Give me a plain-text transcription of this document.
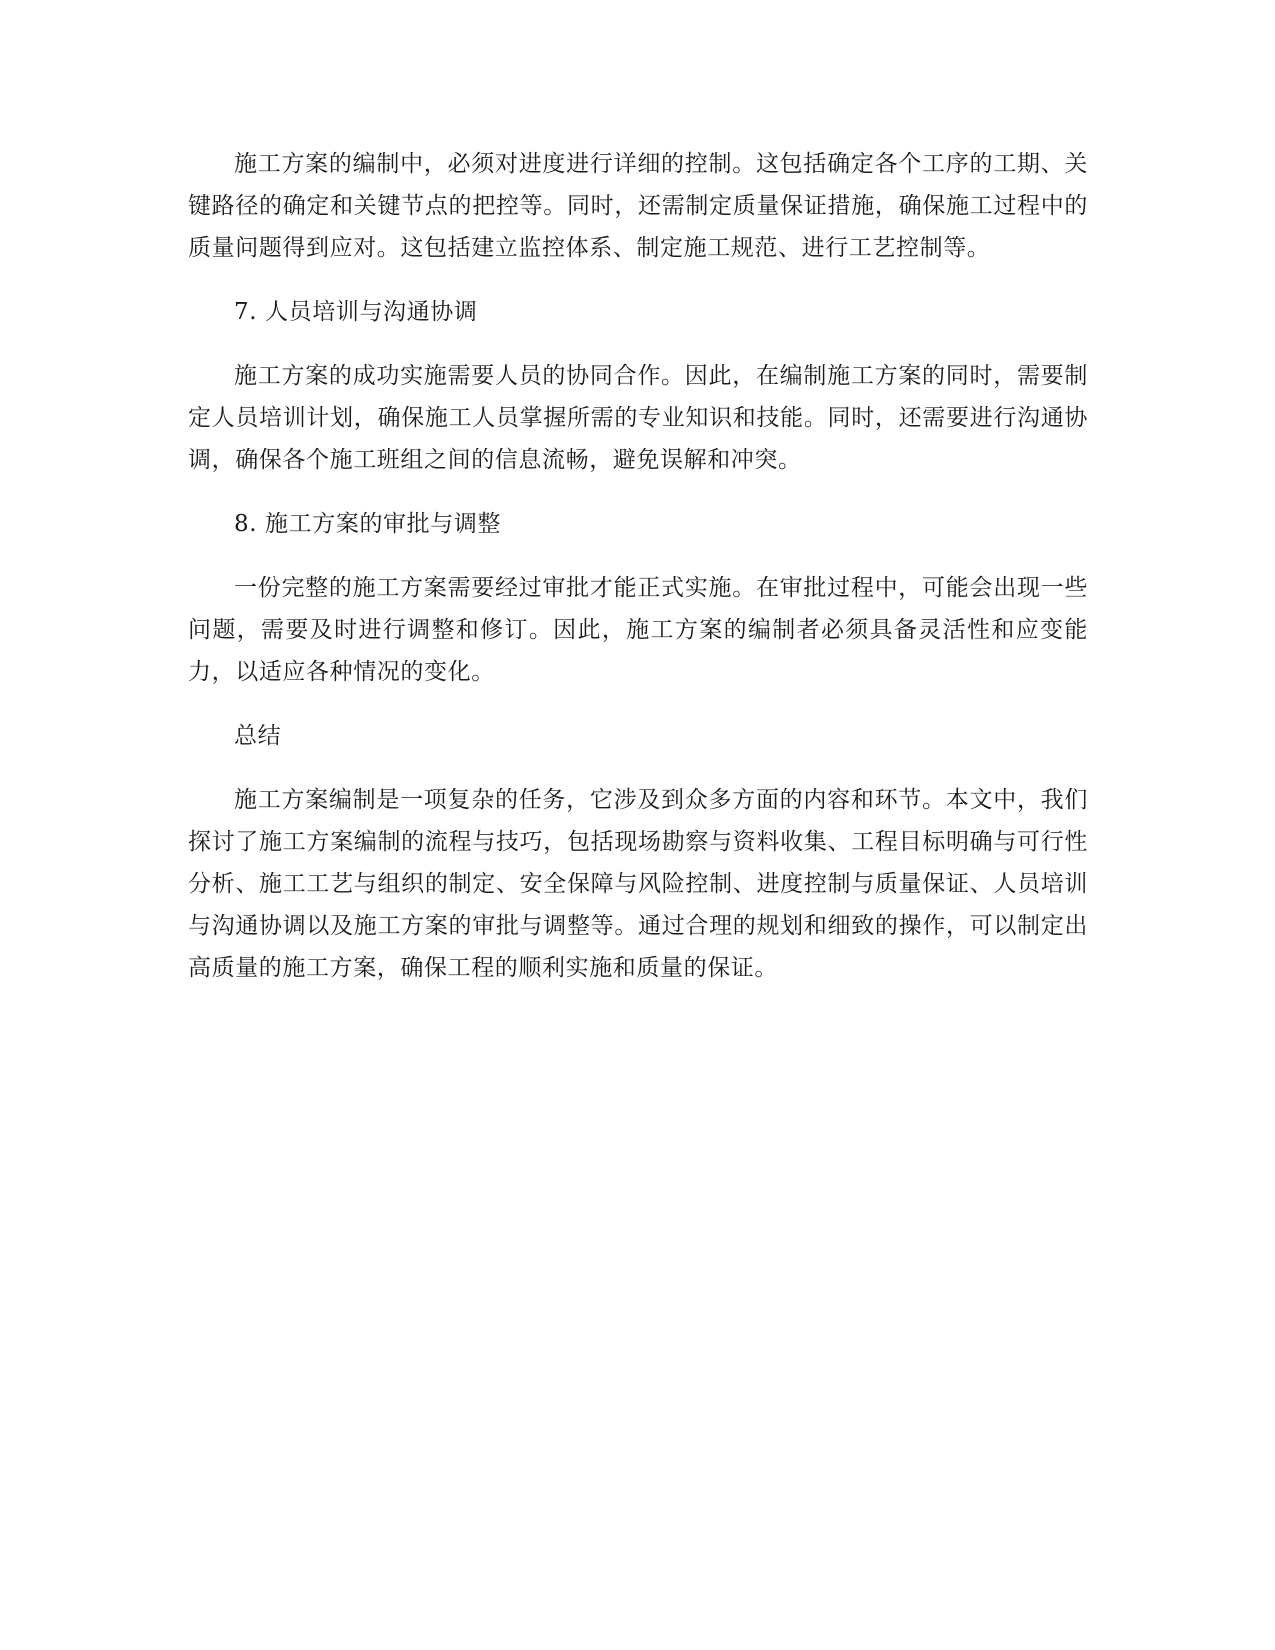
施工方案的编制中，必须对进度进行详细的控制。这包括确定各个工序的工期、关键路径的确定和关键节点的把控等。同时，还需制定质量保证措施，确保施工过程中的质量问题得到应对。这包括建立监控体系、制定施工规范、进行工艺控制等。

7. 人员培训与沟通协调

施工方案的成功实施需要人员的协同合作。因此，在编制施工方案的同时，需要制定人员培训计划，确保施工人员掌握所需的专业知识和技能。同时，还需要进行沟通协调，确保各个施工班组之间的信息流畅，避免误解和冲突。

8. 施工方案的审批与调整

一份完整的施工方案需要经过审批才能正式实施。在审批过程中，可能会出现一些问题，需要及时进行调整和修订。因此，施工方案的编制者必须具备灵活性和应变能力，以适应各种情况的变化。

总结

施工方案编制是一项复杂的任务，它涉及到众多方面的内容和环节。本文中，我们探讨了施工方案编制的流程与技巧，包括现场勘察与资料收集、工程目标明确与可行性分析、施工工艺与组织的制定、安全保障与风险控制、进度控制与质量保证、人员培训与沟通协调以及施工方案的审批与调整等。通过合理的规划和细致的操作，可以制定出高质量的施工方案，确保工程的顺利实施和质量的保证。
